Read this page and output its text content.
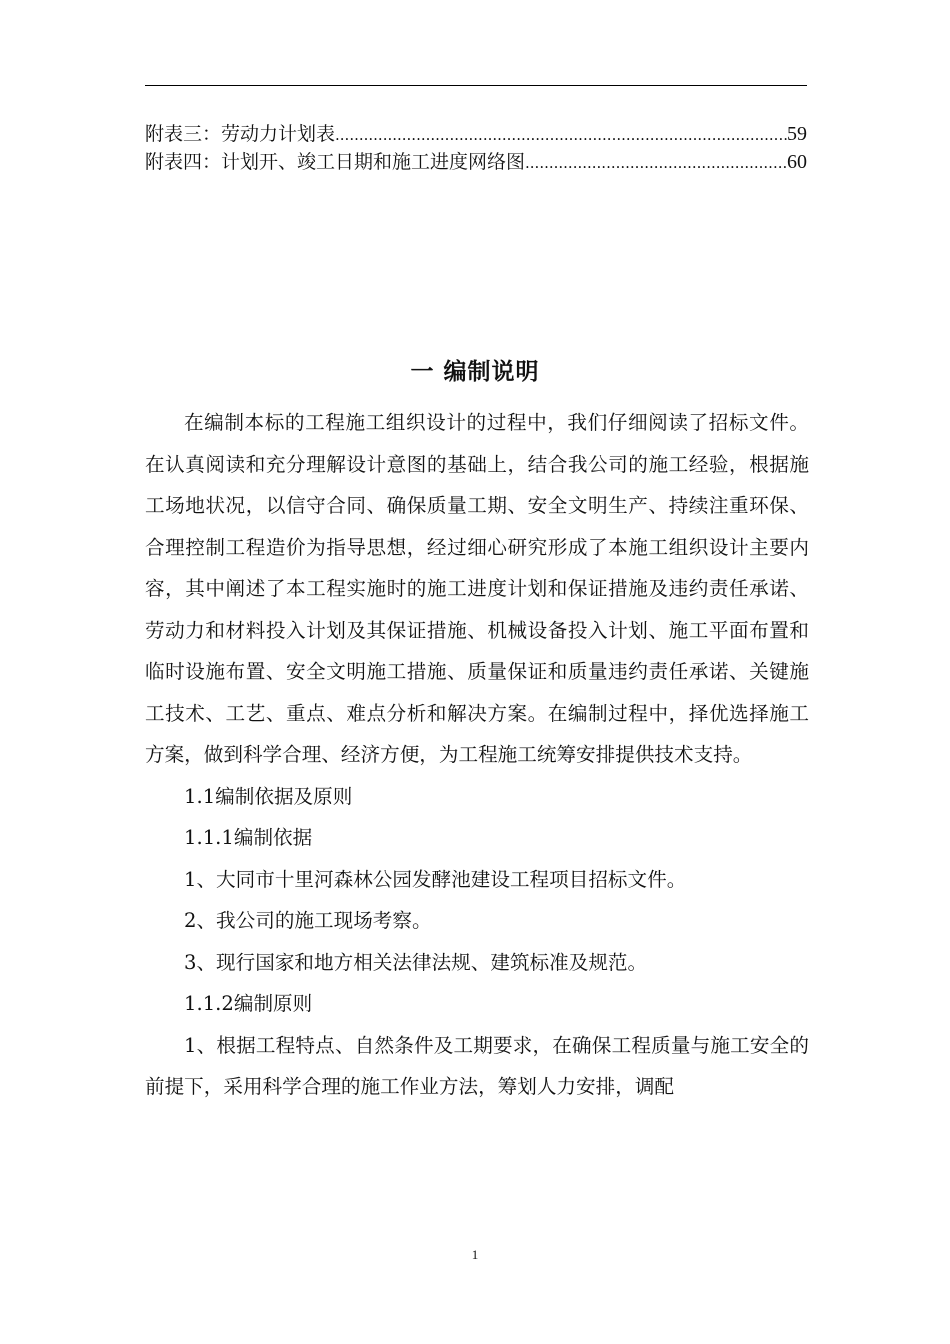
附表三：劳动力计划表 .....	59
附表四：计划开、竣工日期和施工进度网络图 .....	60
一 编制说明

在编制本标的工程施工组织设计的过程中，我们仔细阅读了招标文件。在认真阅读和充分理解设计意图的基础上，结合我公司的施工经验，根据施工场地状况，以信守合同、确保质量工期、安全文明生产、持续注重环保、合理控制工程造价为指导思想，经过细心研究形成了本施工组织设计主要内容，其中阐述了本工程实施时的施工进度计划和保证措施及违约责任承诺、劳动力和材料投入计划及其保证措施、机械设备投入计划、施工平面布置和临时设施布置、安全文明施工措施、质量保证和质量违约责任承诺、关键施工技术、工艺、重点、难点分析和解决方案。在编制过程中，择优选择施工方案，做到科学合理、经济方便，为工程施工统筹安排提供技术支持。

1.1编制依据及原则

1.1.1编制依据

1、大同市十里河森林公园发酵池建设工程项目招标文件。

2、我公司的施工现场考察。

3、现行国家和地方相关法律法规、建筑标准及规范。

1.1.2编制原则

1、根据工程特点、自然条件及工期要求，在确保工程质量与施工安全的前提下，采用科学合理的施工作业方法，筹划人力安排，调配

1
